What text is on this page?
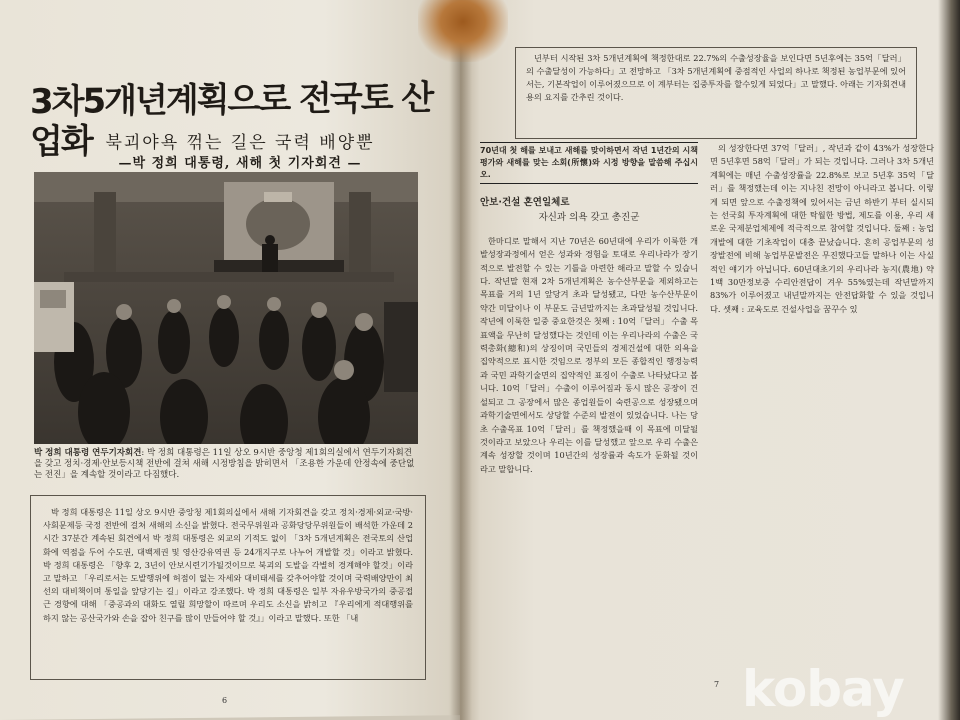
3차5개년계획으로 전국토 산업화 북괴야욕 꺾는 길은 국력 배양뿐
—박 정희 대통령, 새해 첫 기자회견 —
박 정희 대통령 연두기자회견: 박 정희 대통령은 11일 상오 9시반 중앙청 제1회의실에서 연두기자회견을 갖고 정치·경제·안보등시책 전반에 걸쳐 새해 시정방침을 밝히면서 「조용한 가운데 안정속에 중단없는 전진」을 계속할 것이라고 다짐했다.

박 정희 대통령은 11일 상오 9시반 중앙청 제1회의실에서 새해 기자회견을 갖고 정치·경제·외교·국방·사회문제등 국정 전반에 걸쳐 새해의 소신을 밝혔다. 전국무위원과 공화당당무위원들이 배석한 가운데 2시간 37분간 계속된 회견에서 박 정희 대통령은 외교의 기적도 없이 「3차 5개년계획은 전국토의 산업화에 역점을 두어 수도권, 대백제권 및 영산강유역권 등 24개지구로 나누어 개발할 것」이라고 밝혔다. 박 정희 대통령은 「향후 2, 3년이 안보시련기가될것이므로 북괴의 도발을 각별히 경계해야 할것」이라고 말하고 「우리로서는 도발행위에 허점이 없는 자세와 대비태세를 갖추어야할 것이며 국력배양만이 최선의 대비책이며 통일을 앞당기는 길」이라고 강조했다. 박 정희 대통령은 일부 자유우방국가의 중공접근 경향에 대해 「중공과의 대화도 열릴 희망할이 따르며 우리도 소신을 밝히고 『우리에게 적대행위를 하지 않는 공산국가와 손을 잡아 친구를 많이 만들어야 할 것』」이라고 말했다. 또한 「내

6

년부터 시작된 3차 5개년계획에 책정한대로 22.7%의 수출성장율을 보인다면 5년후에는 35억「달러」의 수출달성이 가능하다」고 전망하고 「3차 5개년계획에 중점적인 사업의 하나로 책정된 농업부문에 있어서는, 기본작업이 이루어졌으므로 이 계부터는 집중투자를 할수있게 되었다」고 말했다. 아래는 기자회견내용의 요지를 간추린 것이다.

70년대 첫 해를 보내고 새해를 맞이하면서 작년 1년간의 시책 평가와 새해를 맞는 소회(所懷)와 시정 방향을 말씀해 주십시오.
안보·건설 혼연일체로
자신과 의욕 갖고 총진군

한마디로 말해서 지난 70년은 60년대에 우리가 이룩한 개발성장과정에서 얻은 성과와 경험을 토대로 우리나라가 장기적으로 발전할 수 있는 기틀을 마련한 해라고 말할 수 있습니다. 작년말 현재 2차 5개년계획은 농수산부문을 제외하고는 목표를 거의 1년 앞당겨 초과 달성됐고, 다만 농수산부문이 약간 미달이나 이 부문도 금년말까지는 초과달성될 것입니다. 작년에 이룩한 일중 중요한것은 첫째 : 10억「달러」 수출 목표액을 무난히 달성했다는 것인데 이는 우리나라의 수출은 국력총화(總和)의 상징이며 국민들의 경제건설에 대한 의욕을 집약적으로 표시한 것임으로 정부의 모든 종합적인 행정능력과 국민 과학기술면의 집약적인 표징이 수출로 나타났다고 봅니다. 10억「달러」수출이 이루어짐과 동시 많은 공장이 건설되고 그 공장에서 많은 종업원들이 숙련공으로 성장됐으며 과학기술면에서도 상당할 수준의 발전이 있었습니다. 나는 당초 수출목표 10억「달러」를 책정했을때 이 목표에 미달될 것이라고 보았으나 우리는 이를 달성했고 앞으로 우리 수출은 계속 성장할 것이며 10년간의 성장률과 속도가 둔화될 것이라고 말합니다.

의 성장한다면 37억「달러」, 작년과 같이 43%가 성장한다면 5년후면 58억「달러」가 되는 것입니다. 그러나 3차 5개년계획에는 매년 수출성장률을 22.8%로 보고 5년후 35억「달러」를 책정했는데 이는 지나친 전망이 아니라고 봅니다. 이렇게 되면 앞으로 수출정책에 있어서는 금년 하반기 부터 실시되는 선국회 투자계획에 대한 탁월한 방법, 제도를 이용, 우리 새로운 국제분업체제에 적극적으로 참여할 것입니다. 둘째 : 농업 개발에 대한 기초작업이 대충 끝났습니다. 혼히 공업부문의 성장발전에 비해 농업부문발전은 무진했다고들 말하나 이는 사실적인 얘기가 아닙니다. 60년대초기의 우리나라 농지(農地) 약 1백 30만정보중 수리안전답이 겨우 55%였는데 작년말까지 83%가 이루어졌고 내년말까지는 안전답화할 수 있을 것입니다. 셋째 : 교육도로 건설사업을 꿈꾸수 있

7 kobay
